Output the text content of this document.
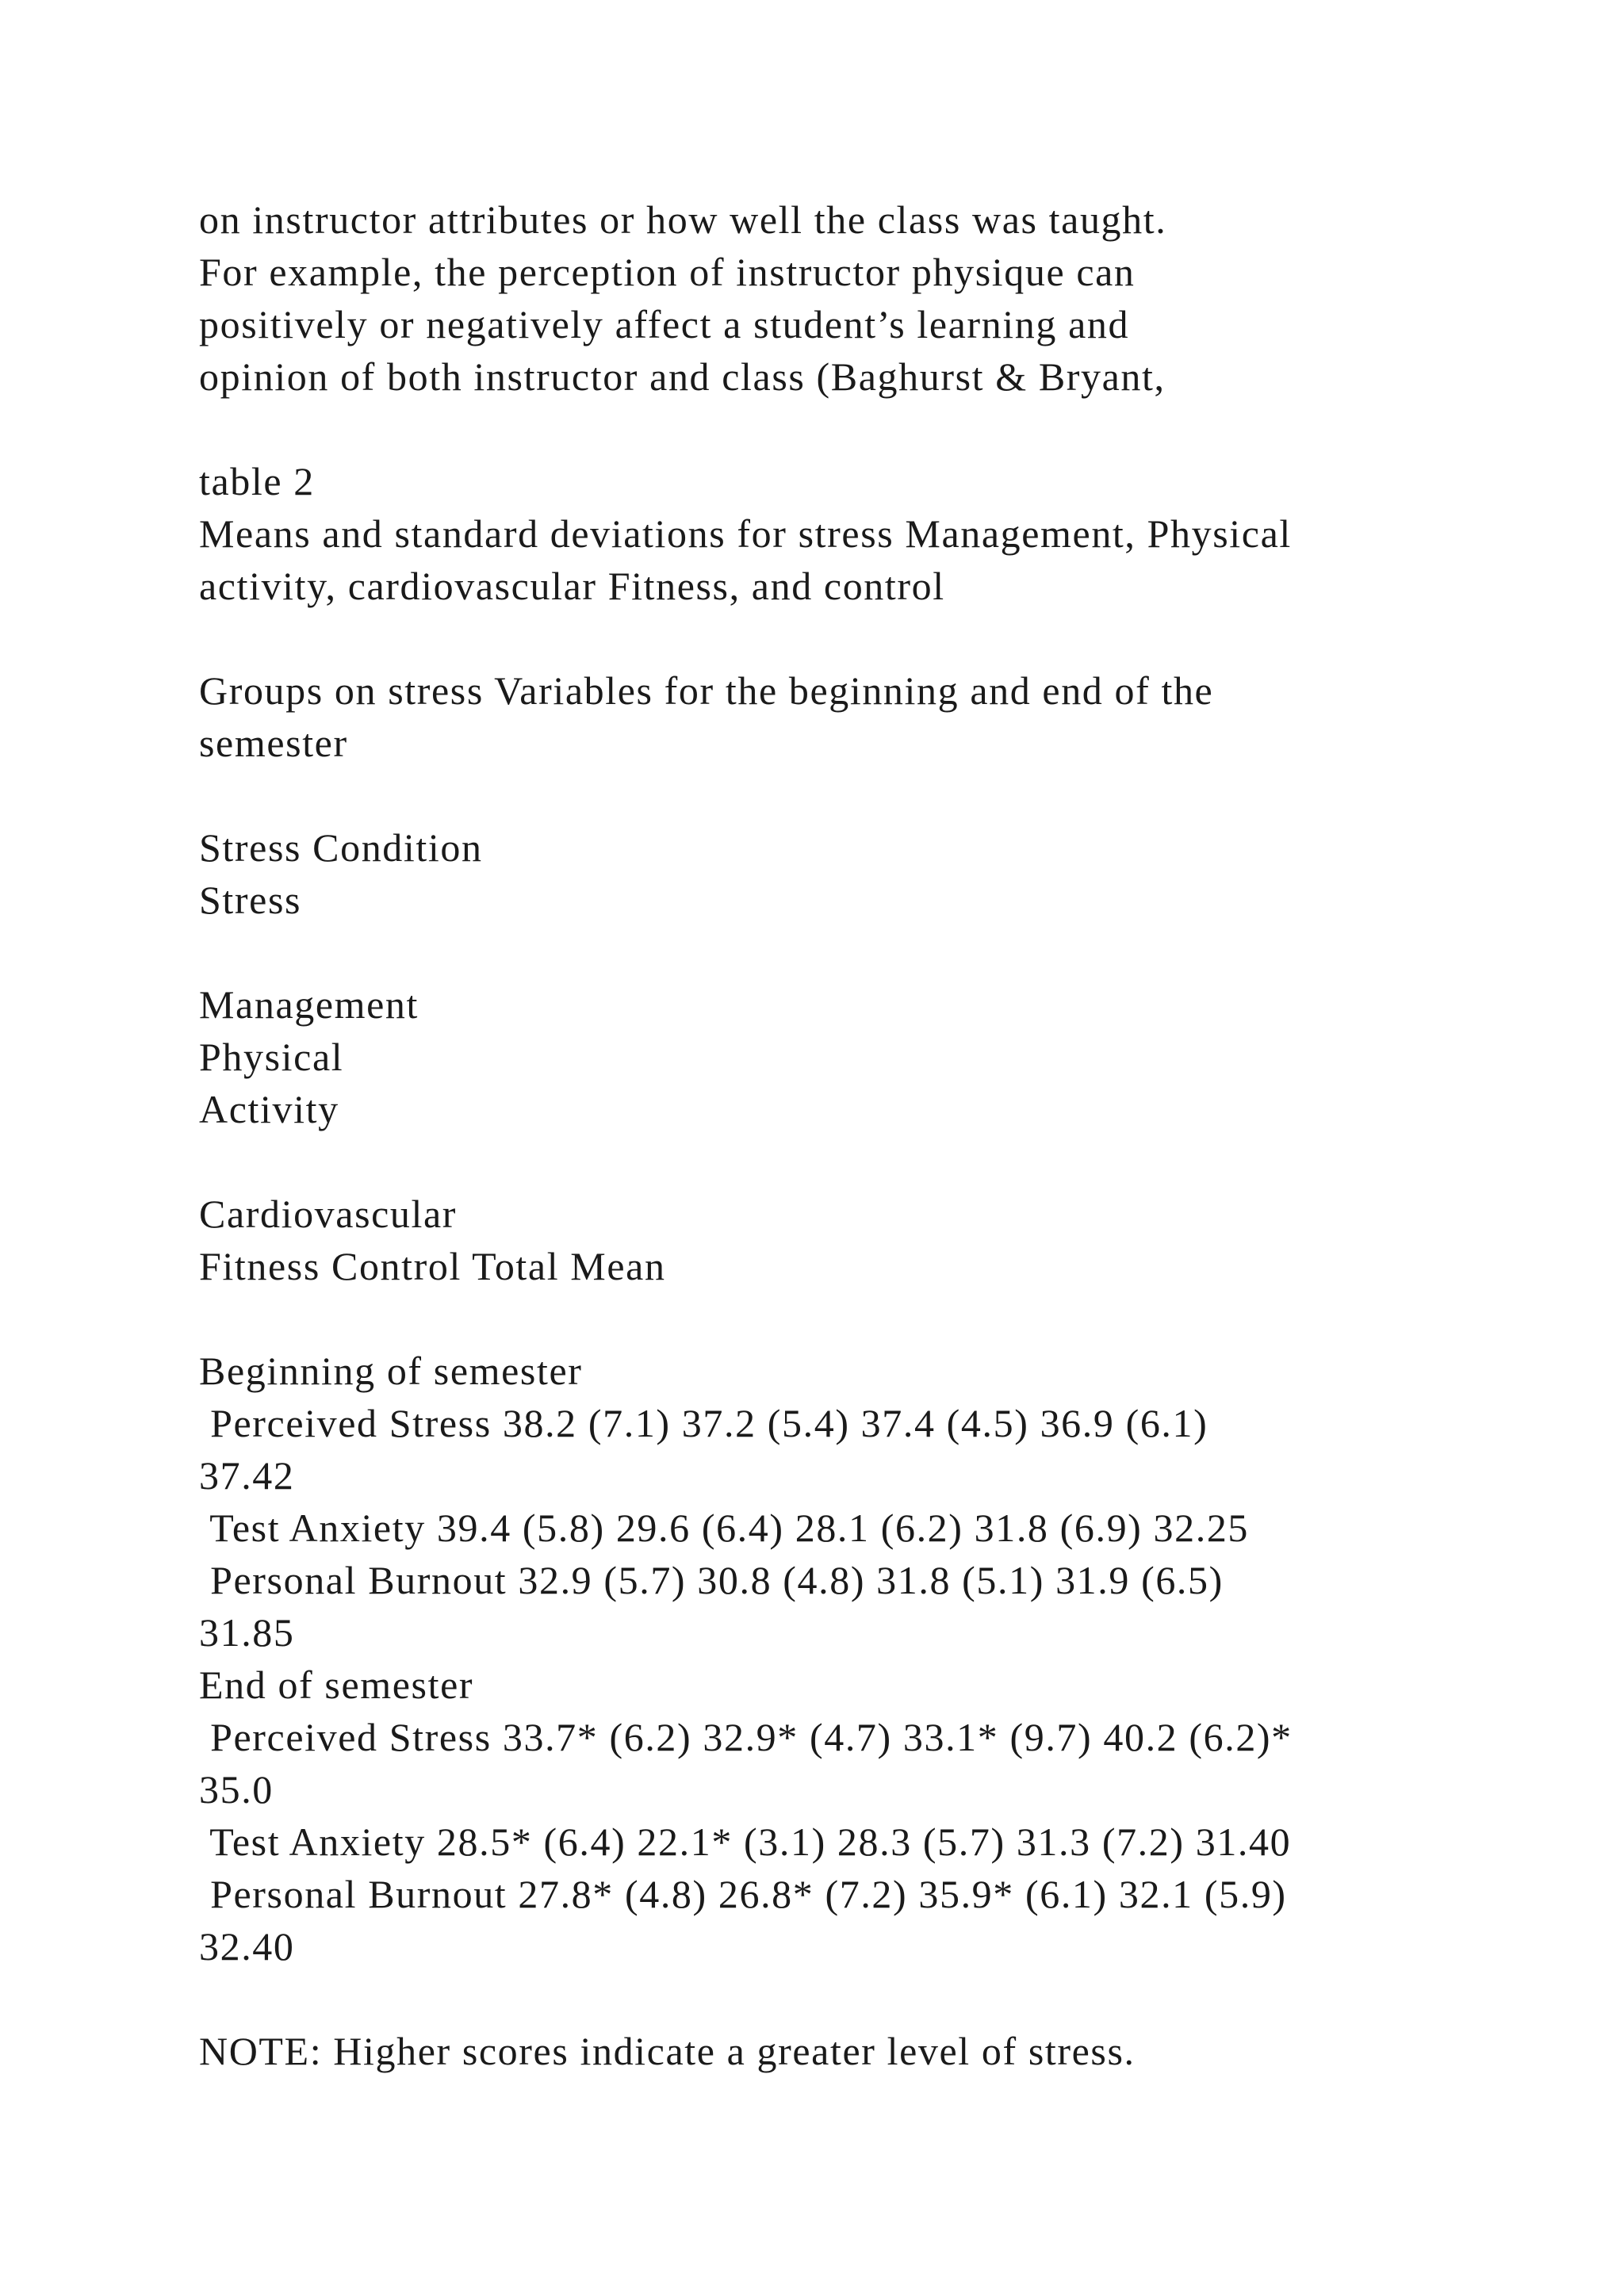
on instructor attributes or how well the class was taught.
For example, the perception of instructor physique can
positively or negatively affect a student’s learning and
opinion of both instructor and class (Baghurst & Bryant,
table 2
Means and standard deviations for stress Management, Physical
activity, cardiovascular Fitness, and control
Groups on stress Variables for the beginning and end of the
semester
Stress Condition
Stress
Management
Physical
Activity
Cardiovascular
Fitness Control Total Mean
Beginning of semester
Perceived Stress 38.2 (7.1) 37.2 (5.4) 37.4 (4.5) 36.9 (6.1)
37.42
Test Anxiety 39.4 (5.8) 29.6 (6.4) 28.1 (6.2) 31.8 (6.9) 32.25
Personal Burnout 32.9 (5.7) 30.8 (4.8) 31.8 (5.1) 31.9 (6.5)
31.85
End of semester
Perceived Stress 33.7* (6.2) 32.9* (4.7) 33.1* (9.7) 40.2 (6.2)*
35.0
Test Anxiety 28.5* (6.4) 22.1* (3.1) 28.3 (5.7) 31.3 (7.2) 31.40
Personal Burnout 27.8* (4.8) 26.8* (7.2) 35.9* (6.1) 32.1 (5.9)
32.40
NOTE: Higher scores indicate a greater level of stress.
